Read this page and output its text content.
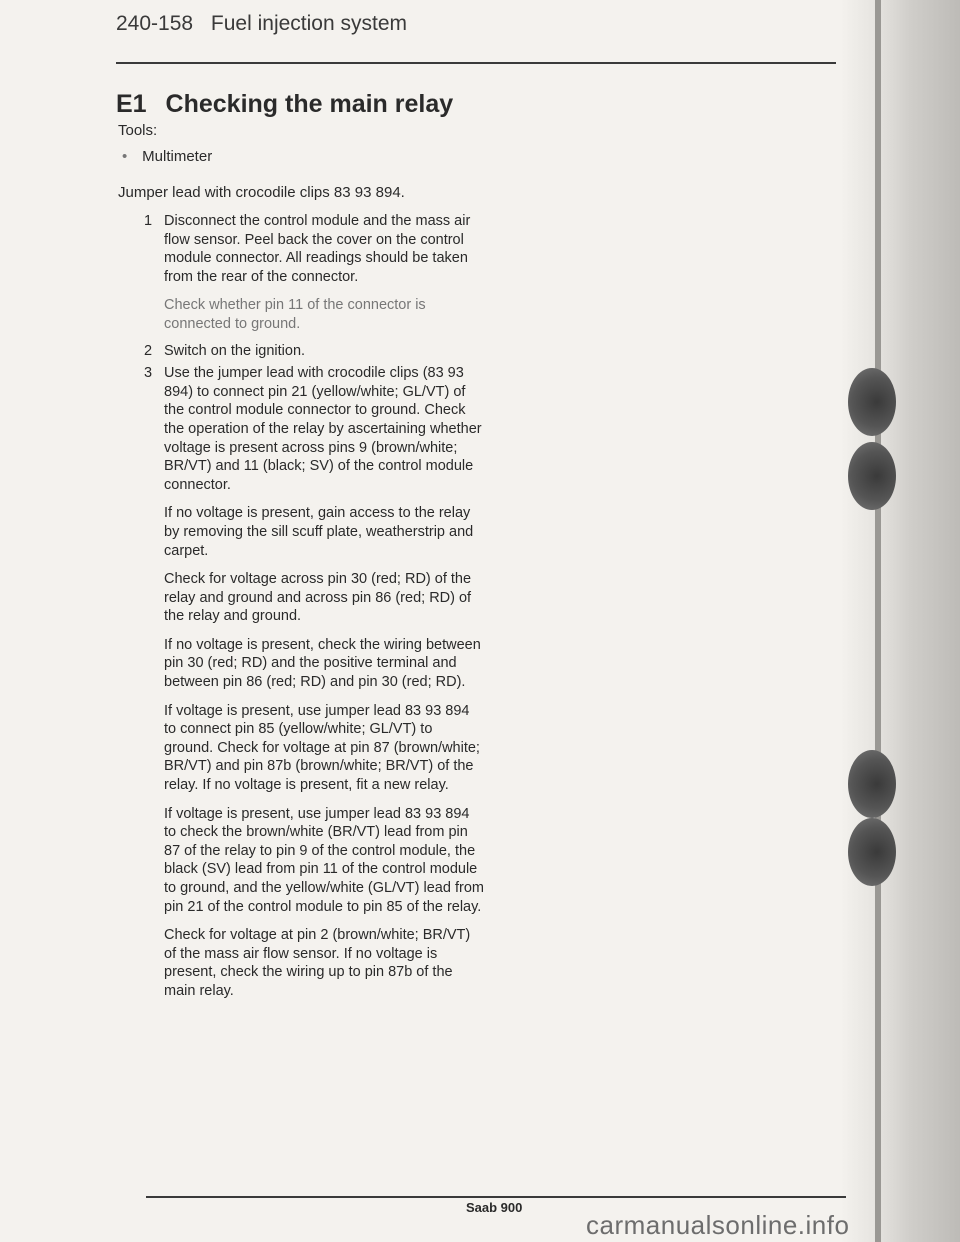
240-158 Fuel injection system
E1 Checking the main relay
Tools:
• Multimeter
Jumper lead with crocodile clips 83 93 894.
1 Disconnect the control module and the mass air flow sensor. Peel back the cover on the control module connector. All readings should be taken from the rear of the connector.
Check whether pin 11 of the connector is connected to ground.
2 Switch on the ignition.
3 Use the jumper lead with crocodile clips (83 93 894) to connect pin 21 (yellow/white; GL/VT) of the control module connector to ground. Check the operation of the relay by ascertaining whether voltage is present across pins 9 (brown/white; BR/VT) and 11 (black; SV) of the control module connector.
If no voltage is present, gain access to the relay by removing the sill scuff plate, weatherstrip and carpet.
Check for voltage across pin 30 (red; RD) of the relay and ground and across pin 86 (red; RD) of the relay and ground.
If no voltage is present, check the wiring between pin 30 (red; RD) and the positive terminal and between pin 86 (red; RD) and pin 30 (red; RD).
If voltage is present, use jumper lead 83 93 894 to connect pin 85 (yellow/white; GL/VT) to ground. Check for voltage at pin 87 (brown/white; BR/VT) and pin 87b (brown/white; BR/VT) of the relay. If no voltage is present, fit a new relay.
If voltage is present, use jumper lead 83 93 894 to check the brown/white (BR/VT) lead from pin 87 of the relay to pin 9 of the control module, the black (SV) lead from pin 11 of the control module to ground, and the yellow/white (GL/VT) lead from pin 21 of the control module to pin 85 of the relay.
Check for voltage at pin 2 (brown/white; BR/VT) of the mass air flow sensor. If no voltage is present, check the wiring up to pin 87b of the main relay.
Saab 900
carmanualsonline.info
